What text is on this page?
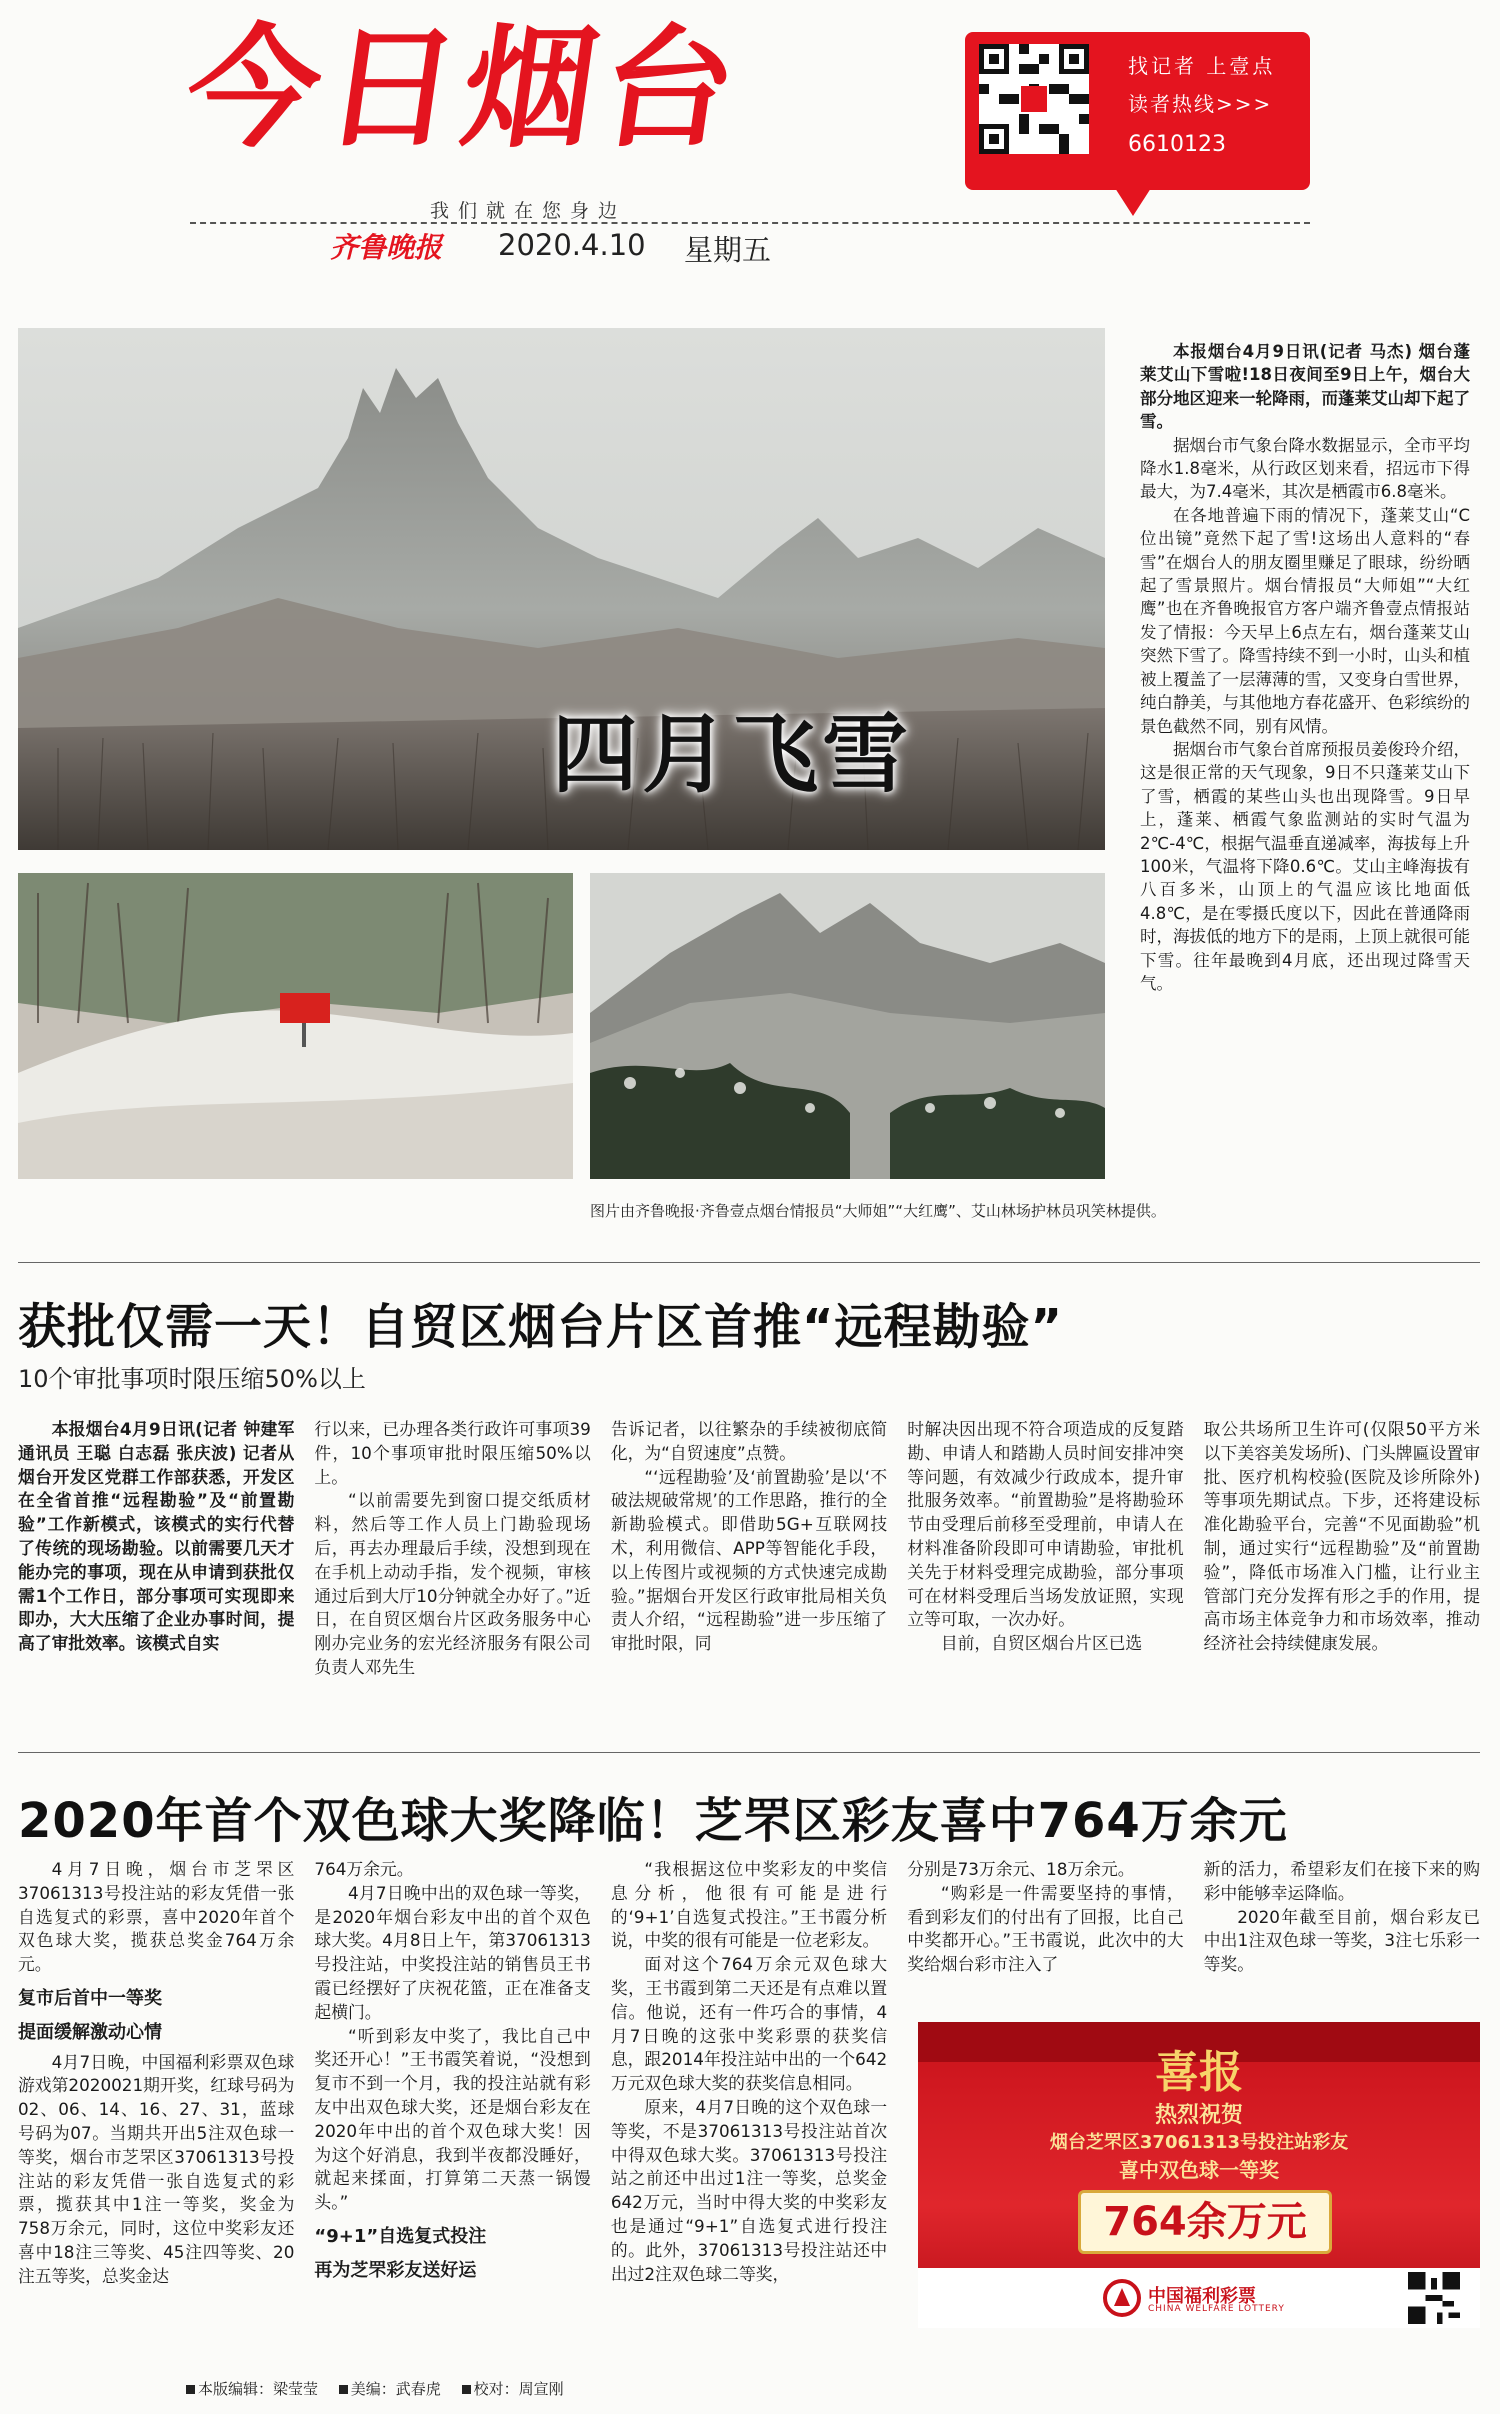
今日烟台
我们就在您身边
齐鲁晚报 2020.4.10 星期五
找记者 上壹点
读者热线>>>
6610123
四月飞雪
图片由齐鲁晚报·齐鲁壹点烟台情报员“大师姐”“大红鹰”、艾山林场护林员巩笑林提供。

本报烟台4月9日讯(记者 马杰) 烟台蓬莱艾山下雪啦!18日夜间至9日上午，烟台大部分地区迎来一轮降雨，而蓬莱艾山却下起了雪。

据烟台市气象台降水数据显示，全市平均降水1.8毫米，从行政区划来看，招远市下得最大，为7.4毫米，其次是栖霞市6.8毫米。

在各地普遍下雨的情况下，蓬莱艾山“C位出镜”竟然下起了雪!这场出人意料的“春雪”在烟台人的朋友圈里赚足了眼球，纷纷晒起了雪景照片。烟台情报员“大师姐”“大红鹰”也在齐鲁晚报官方客户端齐鲁壹点情报站发了情报：今天早上6点左右，烟台蓬莱艾山突然下雪了。降雪持续不到一小时，山头和植被上覆盖了一层薄薄的雪，又变身白雪世界，纯白静美，与其他地方春花盛开、色彩缤纷的景色截然不同，别有风情。

据烟台市气象台首席预报员姜俊玲介绍，这是很正常的天气现象，9日不只蓬莱艾山下了雪，栖霞的某些山头也出现降雪。9日早上，蓬莱、栖霞气象监测站的实时气温为2℃-4℃，根据气温垂直递减率，海拔每上升100米，气温将下降0.6℃。艾山主峰海拔有八百多米，山顶上的气温应该比地面低4.8℃，是在零摄氏度以下，因此在普通降雨时，海拔低的地方下的是雨，上顶上就很可能下雪。往年最晚到4月底，还出现过降雪天气。

获批仅需一天！自贸区烟台片区首推“远程勘验”
10个审批事项时限压缩50%以上

本报烟台4月9日讯(记者 钟建军 通讯员 王聪 白志磊 张庆波) 记者从烟台开发区党群工作部获悉，开发区在全省首推“远程勘验”及“前置勘验”工作新模式，该模式的实行代替了传统的现场勘验。以前需要几天才能办完的事项，现在从申请到获批仅需1个工作日，部分事项可实现即来即办，大大压缩了企业办事时间，提高了审批效率。该模式自实

行以来，已办理各类行政许可事项39件，10个事项审批时限压缩50%以上。

“以前需要先到窗口提交纸质材料，然后等工作人员上门勘验现场后，再去办理最后手续，没想到现在在手机上动动手指，发个视频，审核通过后到大厅10分钟就全办好了。”近日，在自贸区烟台片区政务服务中心刚办完业务的宏光经济服务有限公司负责人邓先生

告诉记者，以往繁杂的手续被彻底简化，为“自贸速度”点赞。

“‘远程勘验’及‘前置勘验’是以‘不破法规破常规’的工作思路，推行的全新勘验模式。即借助5G+互联网技术，利用微信、APP等智能化手段，以上传图片或视频的方式快速完成勘验。”据烟台开发区行政审批局相关负责人介绍，“远程勘验”进一步压缩了审批时限，同

时解决因出现不符合项造成的反复踏勘、申请人和踏勘人员时间安排冲突等问题，有效减少行政成本，提升审批服务效率。“前置勘验”是将勘验环节由受理后前移至受理前，申请人在材料准备阶段即可申请勘验，审批机关先于材料受理完成勘验，部分事项可在材料受理后当场发放证照，实现立等可取，一次办好。

目前，自贸区烟台片区已选

取公共场所卫生许可(仅限50平方米以下美容美发场所)、门头牌匾设置审批、医疗机构校验(医院及诊所除外)等事项先期试点。下步，还将建设标准化勘验平台，完善“不见面勘验”机制，通过实行“远程勘验”及“前置勘验”，降低市场准入门槛，让行业主管部门充分发挥有形之手的作用，提高市场主体竞争力和市场效率，推动经济社会持续健康发展。

2020年首个双色球大奖降临！芝罘区彩友喜中764万余元

4月7日晚，烟台市芝罘区37061313号投注站的彩友凭借一张自选复式的彩票，喜中2020年首个双色球大奖，揽获总奖金764万余元。

复市后首中一等奖

提面缓解激动心情

4月7日晚，中国福利彩票双色球游戏第2020021期开奖，红球号码为02、06、14、16、27、31，蓝球号码为07。当期共开出5注双色球一等奖，烟台市芝罘区37061313号投注站的彩友凭借一张自选复式的彩票，揽获其中1注一等奖，奖金为758万余元，同时，这位中奖彩友还喜中18注三等奖、45注四等奖、20注五等奖，总奖金达

764万余元。

4月7日晚中出的双色球一等奖，是2020年烟台彩友中出的首个双色球大奖。4月8日上午，第37061313号投注站，中奖投注站的销售员王书霞已经摆好了庆祝花篮，正在准备支起横门。

“听到彩友中奖了，我比自己中奖还开心！”王书霞笑着说，“没想到复市不到一个月，我的投注站就有彩友中出双色球大奖，还是烟台彩友在2020年中出的首个双色球大奖！因为这个好消息，我到半夜都没睡好，就起来揉面，打算第二天蒸一锅馒头。”

“9+1”自选复式投注

再为芝罘彩友送好运

“我根据这位中奖彩友的中奖信息分析，他很有可能是进行的‘9+1’自选复式投注。”王书霞分析说，中奖的很有可能是一位老彩友。

面对这个764万余元双色球大奖，王书霞到第二天还是有点难以置信。他说，还有一件巧合的事情，4月7日晚的这张中奖彩票的获奖信息，跟2014年投注站中出的一个642万元双色球大奖的获奖信息相同。

原来，4月7日晚的这个双色球一等奖，不是37061313号投注站首次中得双色球大奖。37061313号投注站之前还中出过1注一等奖，总奖金642万元，当时中得大奖的中奖彩友也是通过“9+1”自选复式进行投注的。此外，37061313号投注站还中出过2注双色球二等奖，

分别是73万余元、18万余元。

“购彩是一件需要坚持的事情，看到彩友们的付出有了回报，比自己中奖都开心。”王书霞说，此次中的大奖给烟台彩市注入了

新的活力，希望彩友们在接下来的购彩中能够幸运降临。

2020年截至目前，烟台彩友已中出1注双色球一等奖，3注七乐彩一等奖。

喜报
热烈祝贺
烟台芝罘区37061313号投注站彩友
喜中双色球一等奖
764余万元
中国福利彩票
CHINA WELFARE LOTTERY
本版编辑：梁莹莹 美编：武春虎 校对：周宣刚
